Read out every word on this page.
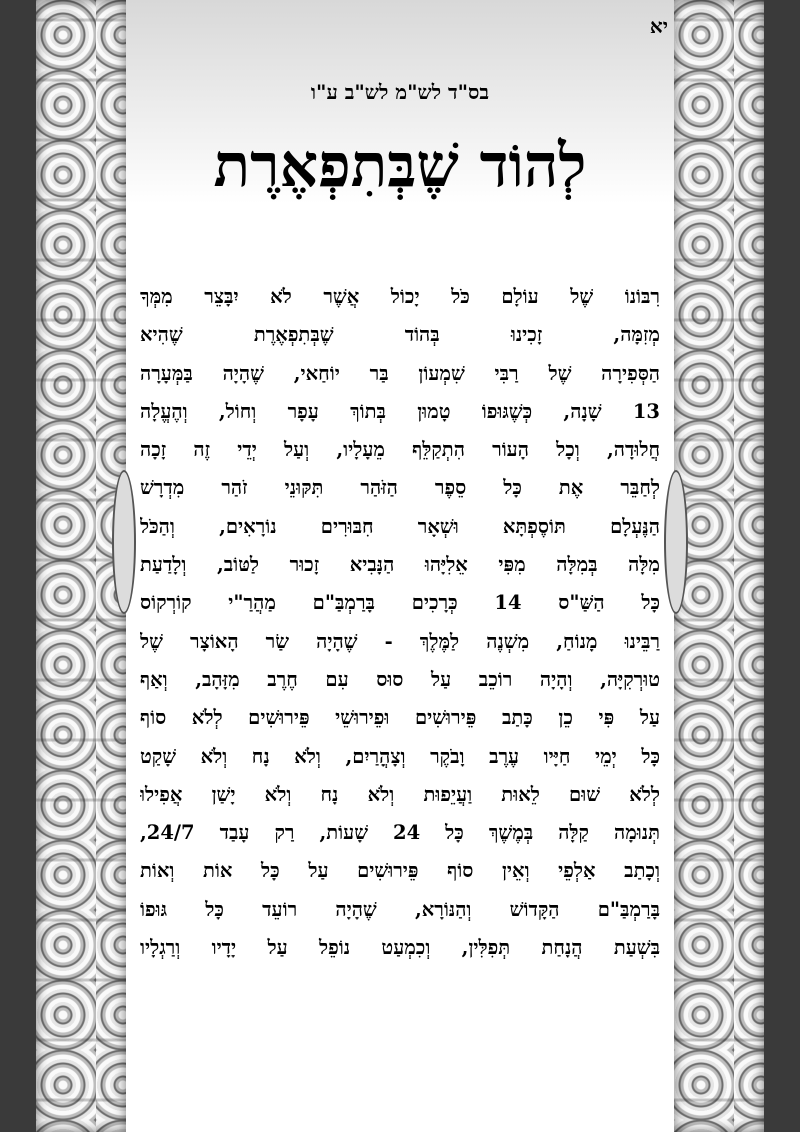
יא
בס"ד לש"מ לש"ב ע"ו
לְהוֹד שֶׁבְּתִפְאֶרֶת
רִבּוֹנוֹ שֶׁל עוֹלָם כֹּל יָכוֹל אֲשֶׁר לֹא יִבָּצֵר מִמְּךָ
מְזִמָּה, זָכִינוּ בְּהוֹד שֶׁבְּתִפְאֶרֶת שֶׁהִיא
הַסְּפִירָה שֶׁל רַבִּי שִׁמְעוֹן בַּר יוֹחַאי, שֶׁהָיָה בַּמְּעָרָה
13 שָׁנָה, כְּשֶׁגּוּפוֹ טָמוּן בְּתוֹךְ עָפָר וְחוֹל, וְהֶעֱלָה
חֲלוּדָה, וְכָל הָעוֹר הִתְקַלֵּף מֵעָלָיו, וְעַל יְדֵי זֶה זָכָה
לְחַבֵּר אֶת כָּל סֵפֶר הַזֹּהַר תִּקּוּנֵי זֹהַר מִדְרָשׁ
הַנֶּעְלָם תּוֹסֶפְתָּא וּשְׁאָר חִבּוּרִים נוֹרָאִים, וְהַכֹּל
מִלָּה בְּמִלָּה מִפִּי אֵלִיָּהוּ הַנָּבִיא זָכוּר לַטּוֹב, וְלָדַעַת
כָּל הַשַּׁ"ס 14 כְּרָכִים בָּרַמְבַּ"ם מַהֲרַ"י קוֹרְקוֹס
רַבֵּינוּ מָנוֹחַ, מִשְׁנֶה לַמֶּלֶךְ - שֶׁהָיָה שַׂר הָאוֹצָר שֶׁל
טוּרְקִיָּה, וְהָיָה רוֹכֵב עַל סוּס עִם חֶרֶב מִזָּהָב, וְאַף
עַל פִּי כֵן כָּתַב פֵּירוּשִׁים וּפֵירוּשֵׁי פֵּירוּשִׁים לְלֹא סוֹף
כָּל יְמֵי חַיָּיו עֶרֶב וָבֹקֶר וְצָהֳרַיִם, וְלֹא נָח וְלֹא שָׁקַט
לְלֹא שׁוּם לֵאוּת וַעֲיֵפוּת וְלֹא נָח וְלֹא יָשַׁן אֲפִילוּ
תְּנוּמָה קַלָּה בְּמֶשֶׁךְ כָּל 24 שָׁעוֹת, רַק עָבַד 24/7,
וְכָתַב אַלְפֵי וְאֵין סוֹף פֵּירוּשִׁים עַל כָּל אוֹת וְאוֹת
בָּרַמְבַּ"ם הַקָּדוֹשׁ וְהַנּוֹרָא, שֶׁהָיָה רוֹעֵד כָּל גּוּפוֹ
בִּשְׁעַת הֲנָחַת תְּפִלִּין, וְכִמְעַט נוֹפֵל עַל יָדָיו וְרַגְלָיו
